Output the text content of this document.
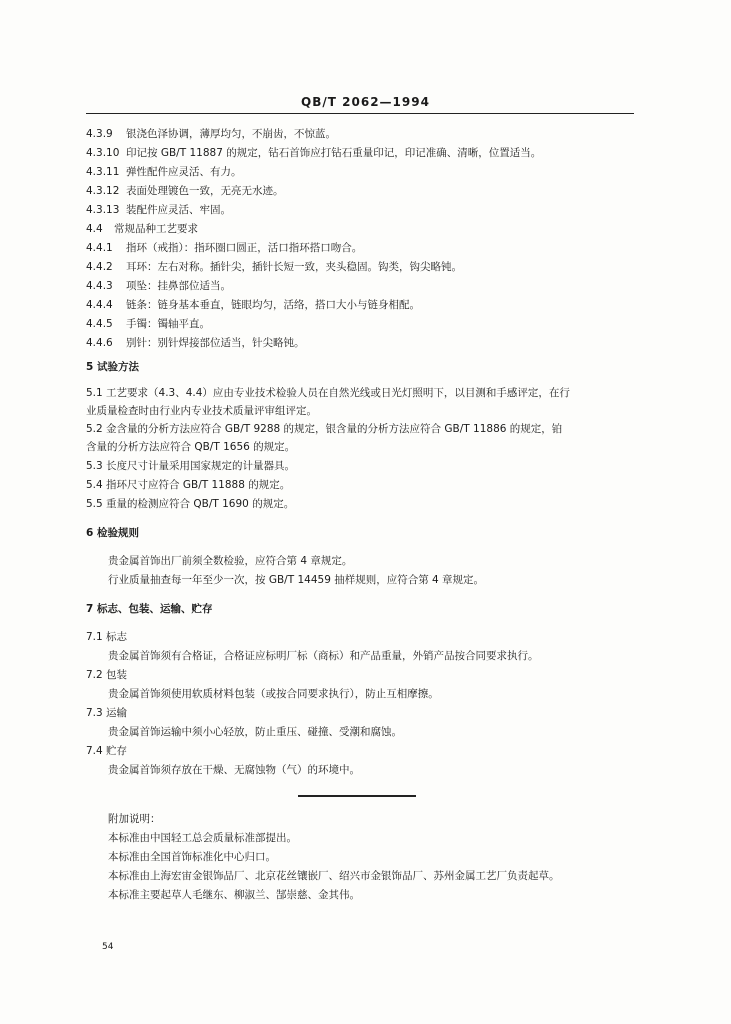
QB/T 2062—1994
4.3.9 银浇色泽协调，薄厚均匀，不崩齿，不惊蓝。
4.3.10 印记按 GB/T 11887 的规定，钻石首饰应打钻石重量印记，印记准确、清晰，位置适当。
4.3.11 弹性配件应灵活、有力。
4.3.12 表面处理镀色一致，无亮无水迹。
4.3.13 装配件应灵活、牢固。
4.4 常规品种工艺要求
4.4.1 指环（戒指）：指环圈口圆正，活口指环搭口吻合。
4.4.2 耳环：左右对称。插针尖，插针长短一致，夹头稳固。钩类，钩尖略钝。
4.4.3 项坠：挂鼻部位适当。
4.4.4 链条：链身基本垂直，链眼均匀，活络，搭口大小与链身相配。
4.4.5 手镯：镯轴平直。
4.4.6 别针：别针焊接部位适当，针尖略钝。
5 试验方法
5.1 工艺要求（4.3、4.4）应由专业技术检验人员在自然光线或日光灯照明下，以目测和手感评定，在行
业质量检查时由行业内专业技术质量评审组评定。
5.2 金含量的分析方法应符合 GB/T 9288 的规定，银含量的分析方法应符合 GB/T 11886 的规定，铂
含量的分析方法应符合 QB/T 1656 的规定。
5.3 长度尺寸计量采用国家规定的计量器具。
5.4 指环尺寸应符合 GB/T 11888 的规定。
5.5 重量的检测应符合 QB/T 1690 的规定。
6 检验规则
贵金属首饰出厂前须全数检验，应符合第 4 章规定。
行业质量抽查每一年至少一次，按 GB/T 14459 抽样规则，应符合第 4 章规定。
7 标志、包装、运输、贮存
7.1 标志
贵金属首饰须有合格证，合格证应标明厂标（商标）和产品重量，外销产品按合同要求执行。
7.2 包装
贵金属首饰须使用软质材料包装（或按合同要求执行），防止互相摩擦。
7.3 运输
贵金属首饰运输中须小心轻放，防止重压、碰撞、受潮和腐蚀。
7.4 贮存
贵金属首饰须存放在干燥、无腐蚀物（气）的环境中。
附加说明：
本标准由中国轻工总会质量标准部提出。
本标准由全国首饰标准化中心归口。
本标准由上海宏宙金银饰品厂、北京花丝镶嵌厂、绍兴市金银饰品厂、苏州金属工艺厂负责起草。
本标准主要起草人毛继东、柳淑兰、郜崇慈、金其伟。
54
